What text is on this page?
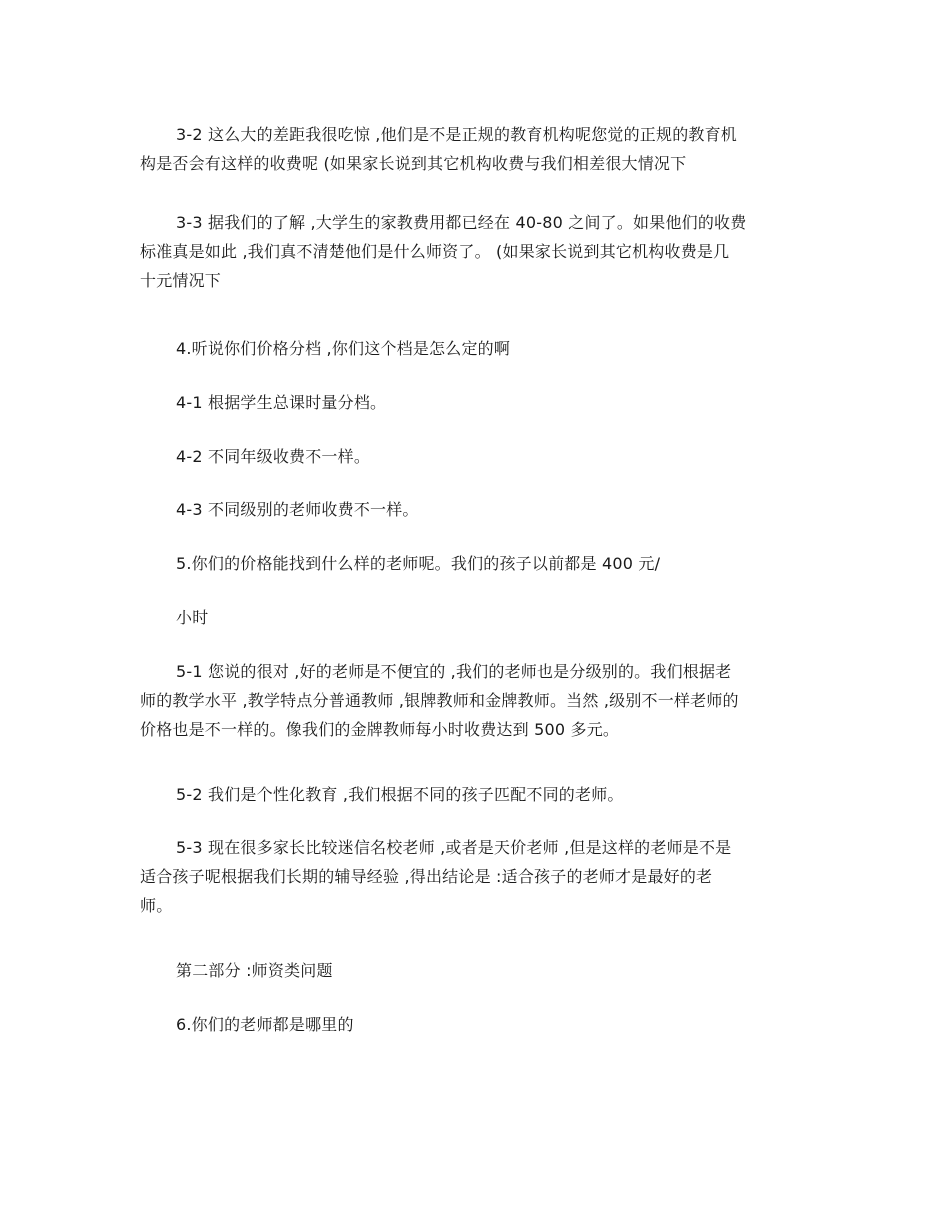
3-2 这么大的差距我很吃惊 ,他们是不是正规的教育机构呢您觉的正规的教育机
构是否会有这样的收费呢 (如果家长说到其它机构收费与我们相差很大情况下

3-3 据我们的了解 ,大学生的家教费用都已经在 40-80 之间了。如果他们的收费
标准真是如此 ,我们真不清楚他们是什么师资了。 (如果家长说到其它机构收费是几
十元情况下

4.听说你们价格分档 ,你们这个档是怎么定的啊

4-1 根据学生总课时量分档。

4-2 不同年级收费不一样。

4-3 不同级别的老师收费不一样。

5.你们的价格能找到什么样的老师呢。我们的孩子以前都是 400 元/

小时

5-1 您说的很对 ,好的老师是不便宜的 ,我们的老师也是分级别的。我们根据老
师的教学水平 ,教学特点分普通教师 ,银牌教师和金牌教师。当然 ,级别不一样老师的
价格也是不一样的。像我们的金牌教师每小时收费达到 500 多元。

5-2 我们是个性化教育 ,我们根据不同的孩子匹配不同的老师。

5-3 现在很多家长比较迷信名校老师 ,或者是天价老师 ,但是这样的老师是不是
适合孩子呢根据我们长期的辅导经验 ,得出结论是 :适合孩子的老师才是最好的老
师。

第二部分 :师资类问题

6.你们的老师都是哪里的
